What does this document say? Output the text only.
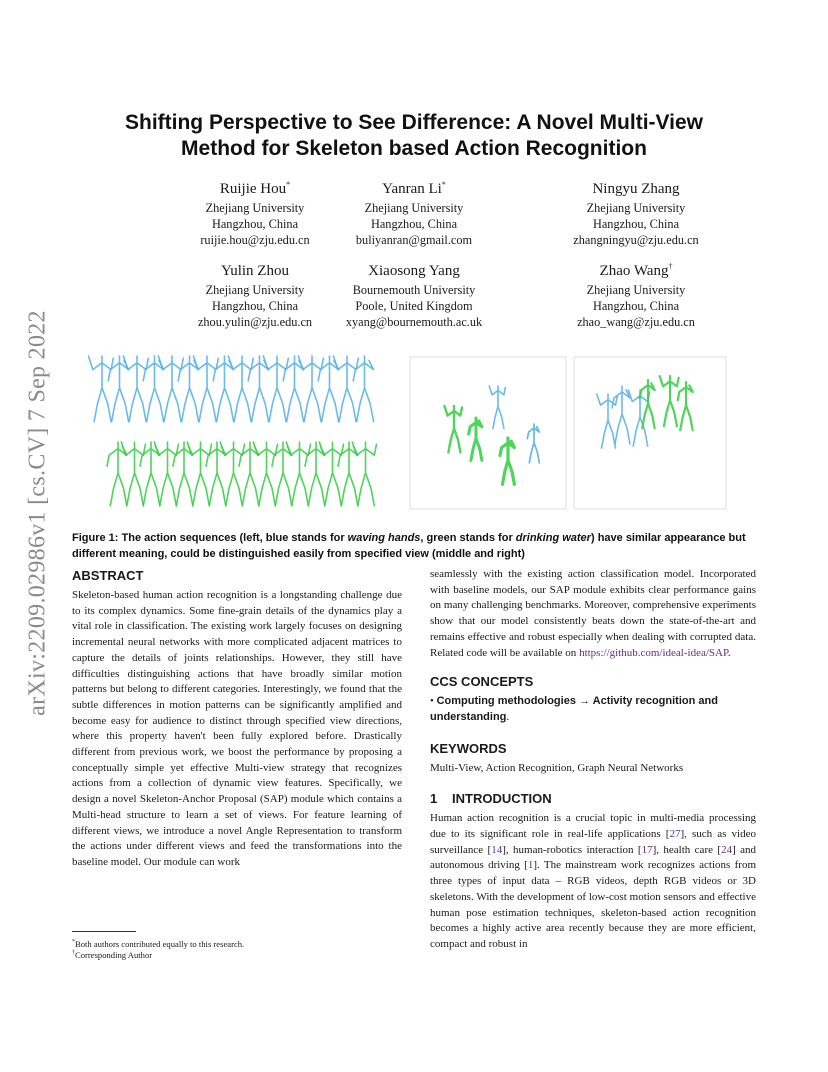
arXiv:2209.02986v1 [cs.CV] 7 Sep 2022
Shifting Perspective to See Difference: A Novel Multi-View
Method for Skeleton based Action Recognition
Ruijie Hou*
Zhejiang University
Hangzhou, China
ruijie.hou@zju.edu.cn
Yanran Li*
Zhejiang University
Hangzhou, China
buliyanran@gmail.com
Ningyu Zhang
Zhejiang University
Hangzhou, China
zhangningyu@zju.edu.cn
Yulin Zhou
Zhejiang University
Hangzhou, China
zhou.yulin@zju.edu.cn
Xiaosong Yang
Bournemouth University
Poole, United Kingdom
xyang@bournemouth.ac.uk
Zhao Wang†
Zhejiang University
Hangzhou, China
zhao_wang@zju.edu.cn
Figure 1: The action sequences (left, blue stands for waving hands, green stands for drinking water) have similar appearance but different meaning, could be distinguished easily from specified view (middle and right)
ABSTRACT
Skeleton-based human action recognition is a longstanding challenge due to its complex dynamics. Some fine-grain details of the dynamics play a vital role in classification. The existing work largely focuses on designing incremental neural networks with more complicated adjacent matrices to capture the details of joints relationships. However, they still have difficulties distinguishing actions that have broadly similar motion patterns but belong to different categories. Interestingly, we found that the subtle differences in motion patterns can be significantly amplified and become easy for audience to distinct through specified view directions, where this property haven't been fully explored before. Drastically different from previous work, we boost the performance by proposing a conceptually simple yet effective Multi-view strategy that recognizes actions from a collection of dynamic view features. Specifically, we design a novel Skeleton-Anchor Proposal (SAP) module which contains a Multi-head structure to learn a set of views. For feature learning of different views, we introduce a novel Angle Representation to transform the actions under different views and feed the transformations into the baseline model. Our module can work
seamlessly with the existing action classification model. Incorporated with baseline models, our SAP module exhibits clear performance gains on many challenging benchmarks. Moreover, comprehensive experiments show that our model consistently beats down the state-of-the-art and remains effective and robust especially when dealing with corrupted data. Related code will be available on https://github.com/ideal-idea/SAP.
CCS CONCEPTS
• Computing methodologies → Activity recognition and understanding.
KEYWORDS
Multi-View, Action Recognition, Graph Neural Networks
1 INTRODUCTION
Human action recognition is a crucial topic in multi-media processing due to its significant role in real-life applications [27], such as video surveillance [14], human-robotics interaction [17], health care [24] and autonomous driving [1]. The mainstream work recognizes actions from three types of input data – RGB videos, depth RGB videos or 3D skeletons. With the development of low-cost motion sensors and effective human pose estimation techniques, skeleton-based action recognition becomes a highly active area recently because they are more efficient, compact and robust in
*Both authors contributed equally to this research.
†Corresponding Author
